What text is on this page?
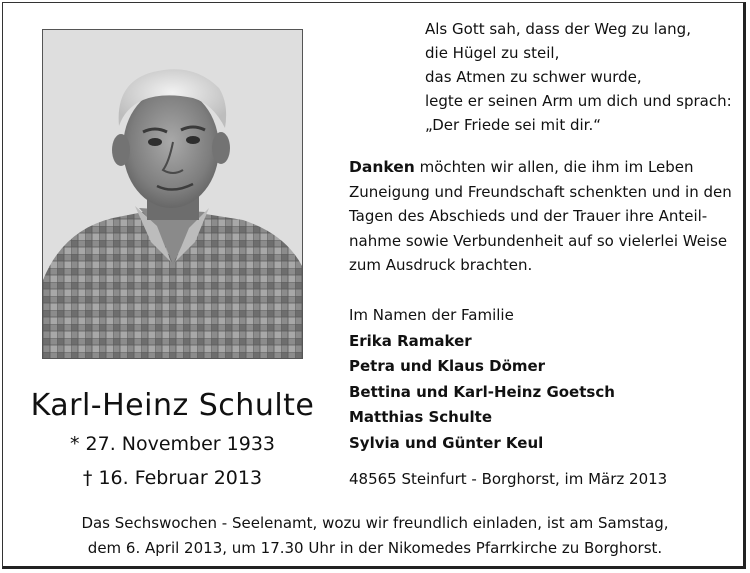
Als Gott sah, dass der Weg zu lang,
die Hügel zu steil,
das Atmen zu schwer wurde,
legte er seinen Arm um dich und sprach:
„Der Friede sei mit dir.“
Danken möchten wir allen, die ihm im Leben
Zuneigung und Freundschaft schenkten und in den
Tagen des Abschieds und der Trauer ihre Anteil-
nahme sowie Verbundenheit auf so vielerlei Weise
zum Ausdruck brachten.
Im Namen der Familie
Erika Ramaker
Petra und Klaus Dömer
Bettina und Karl-Heinz Goetsch
Matthias Schulte
Sylvia und Günter Keul
Karl-Heinz Schulte
* 27. November 1933
† 16. Februar 2013	48565 Steinfurt - Borghorst, im März 2013
Das Sechswochen - Seelenamt, wozu wir freundlich einladen, ist am Samstag,
dem 6. April 2013, um 17.30 Uhr in der Nikomedes Pfarrkirche zu Borghorst.
